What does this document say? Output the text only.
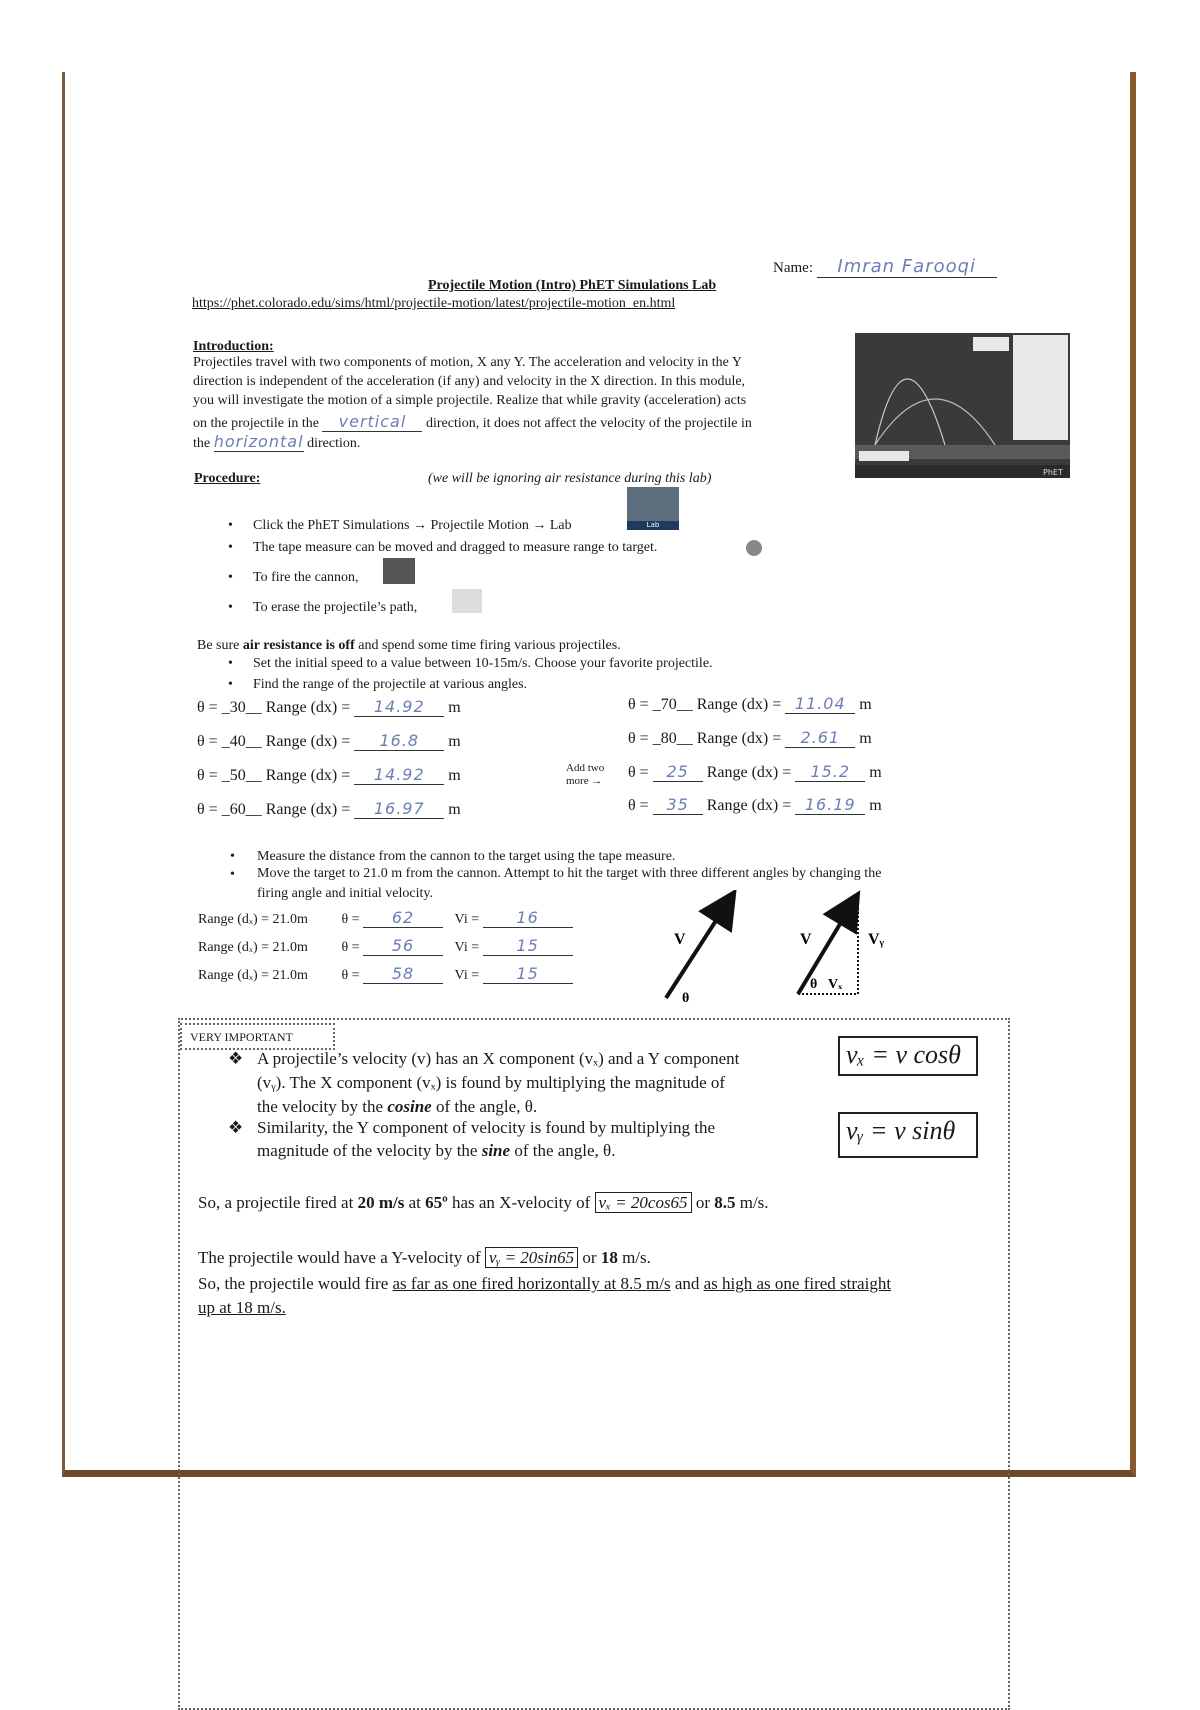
Name: Imran Farooqi
Projectile Motion (Intro) PhET Simulations Lab
https://phet.colorado.edu/sims/html/projectile-motion/latest/projectile-motion_en.html
Introduction:
Projectiles travel with two components of motion, X any Y. The acceleration and velocity in the Y
direction is independent of the acceleration (if any) and velocity in the X direction. In this module,
you will investigate the motion of a simple projectile. Realize that while gravity (acceleration) acts
on the projectile in the vertical direction, it does not affect the velocity of the projectile in
the horizontal direction.
PhET
Procedure:	(we will be ignoring air resistance during this lab)
• Click the PhET Simulations → Projectile Motion → Lab	Lab
• The tape measure can be moved and dragged to measure range to target.
• To fire the cannon,
• To erase the projectile’s path,
Be sure air resistance is off and spend some time firing various projectiles.
• Set the initial speed to a value between 10-15m/s. Choose your favorite projectile.
• Find the range of the projectile at various angles.
θ = _30__ Range (dx) = 14.92 m
θ = _40__ Range (dx) = 16.8 m
θ = _50__ Range (dx) = 14.92 m
θ = _60__ Range (dx) = 16.97 m
Add two
more →
θ = _70__ Range (dx) = 11.04 m
θ = _80__ Range (dx) = 2.61 m
θ = 25 Range (dx) = 15.2 m
θ = 35 Range (dx) = 16.19 m
• Measure the distance from the cannon to the target using the tape measure.
• Move the target to 21.0 m from the cannon. Attempt to hit the target with three different angles by changing the
firing angle and initial velocity.
Range (dₓ) = 21.0m θ = 62	Vi = 16
Range (dₓ) = 21.0m θ = 56	Vi = 15
Range (dₓ) = 21.0m θ = 58	Vi = 15
V
θ
V	Vᵧ
θ Vₓ
VERY IMPORTANT
❖ A projectile’s velocity (v) has an X component (vₓ) and a Y component
(vᵧ). The X component (vₓ) is found by multiplying the magnitude of
the velocity by the cosine of the angle, θ.
❖ Similarity, the Y component of velocity is found by multiplying the
magnitude of the velocity by the sine of the angle, θ.
vₓ = v cosθ
vᵧ = v sinθ
So, a projectile fired at 20 m/s at 65º has an X-velocity of vₓ = 20cos65 or 8.5 m/s.
The projectile would have a Y-velocity of vᵧ = 20sin65 or 18 m/s.
So, the projectile would fire as far as one fired horizontally at 8.5 m/s and as high as one fired straight
up at 18 m/s.
